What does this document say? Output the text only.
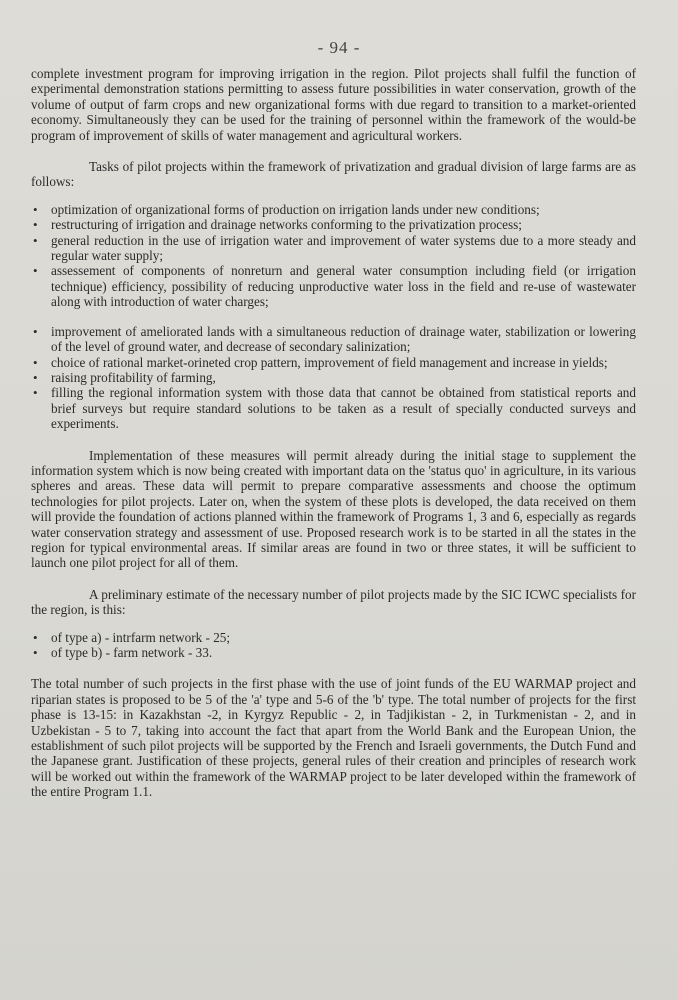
- 94 -

complete investment program for improving irrigation in the region. Pilot projects shall fulfil the function of experimental demonstration stations permitting to assess future possibilities in water conservation, growth of the volume of output of farm crops and new organizational forms with due regard to transition to a market-oriented economy. Simultaneously they can be used for the training of personnel within the framework of the would-be program of improvement of skills of water management and agricultural workers.

Tasks of pilot projects within the framework of privatization and gradual division of large farms are as follows:

• optimization of organizational forms of production on irrigation lands under new conditions;
• restructuring of irrigation and drainage networks conforming to the privatization process;
• general reduction in the use of irrigation water and improvement of water systems due to a more steady and regular water supply;
• assessement of components of nonreturn and general water consumption including field (or irrigation technique) efficiency, possibility of reducing unproductive water loss in the field and re-use of wastewater along with introduction of water charges;
• improvement of ameliorated lands with a simultaneous reduction of drainage water, stabilization or lowering of the level of ground water, and decrease of secondary salinization;
• choice of rational market-orineted crop pattern, improvement of field management and increase in yields;
• raising profitability of farming,
• filling the regional information system with those data that cannot be obtained from statistical reports and brief surveys but require standard solutions to be taken as a result of specially conducted surveys and experiments.

Implementation of these measures will permit already during the initial stage to supplement the information system which is now being created with important data on the 'status quo' in agriculture, in its various spheres and areas. These data will permit to prepare comparative assessments and choose the optimum technologies for pilot projects. Later on, when the system of these plots is developed, the data received on them will provide the foundation of actions planned within the framework of Programs 1, 3 and 6, especially as regards water conservation strategy and assessment of use. Proposed research work is to be started in all the states in the region for typical environmental areas. If similar areas are found in two or three states, it will be sufficient to launch one pilot project for all of them.

A preliminary estimate of the necessary number of pilot projects made by the SIC ICWC specialists for the region, is this:

• of type a) - intrfarm network - 25;
• of type b) - farm network - 33.

The total number of such projects in the first phase with the use of joint funds of the EU WARMAP project and riparian states is proposed to be 5 of the 'a' type and 5-6 of the 'b' type. The total number of projects for the first phase is 13-15: in Kazakhstan -2, in Kyrgyz Republic - 2, in Tadjikistan - 2, in Turkmenistan - 2, and in Uzbekistan - 5 to 7, taking into account the fact that apart from the World Bank and the European Union, the establishment of such pilot projects will be supported by the French and Israeli governments, the Dutch Fund and the Japanese grant. Justification of these projects, general rules of their creation and principles of research work will be worked out within the framework of the WARMAP project to be later developed within the framework of the entire Program 1.1.
